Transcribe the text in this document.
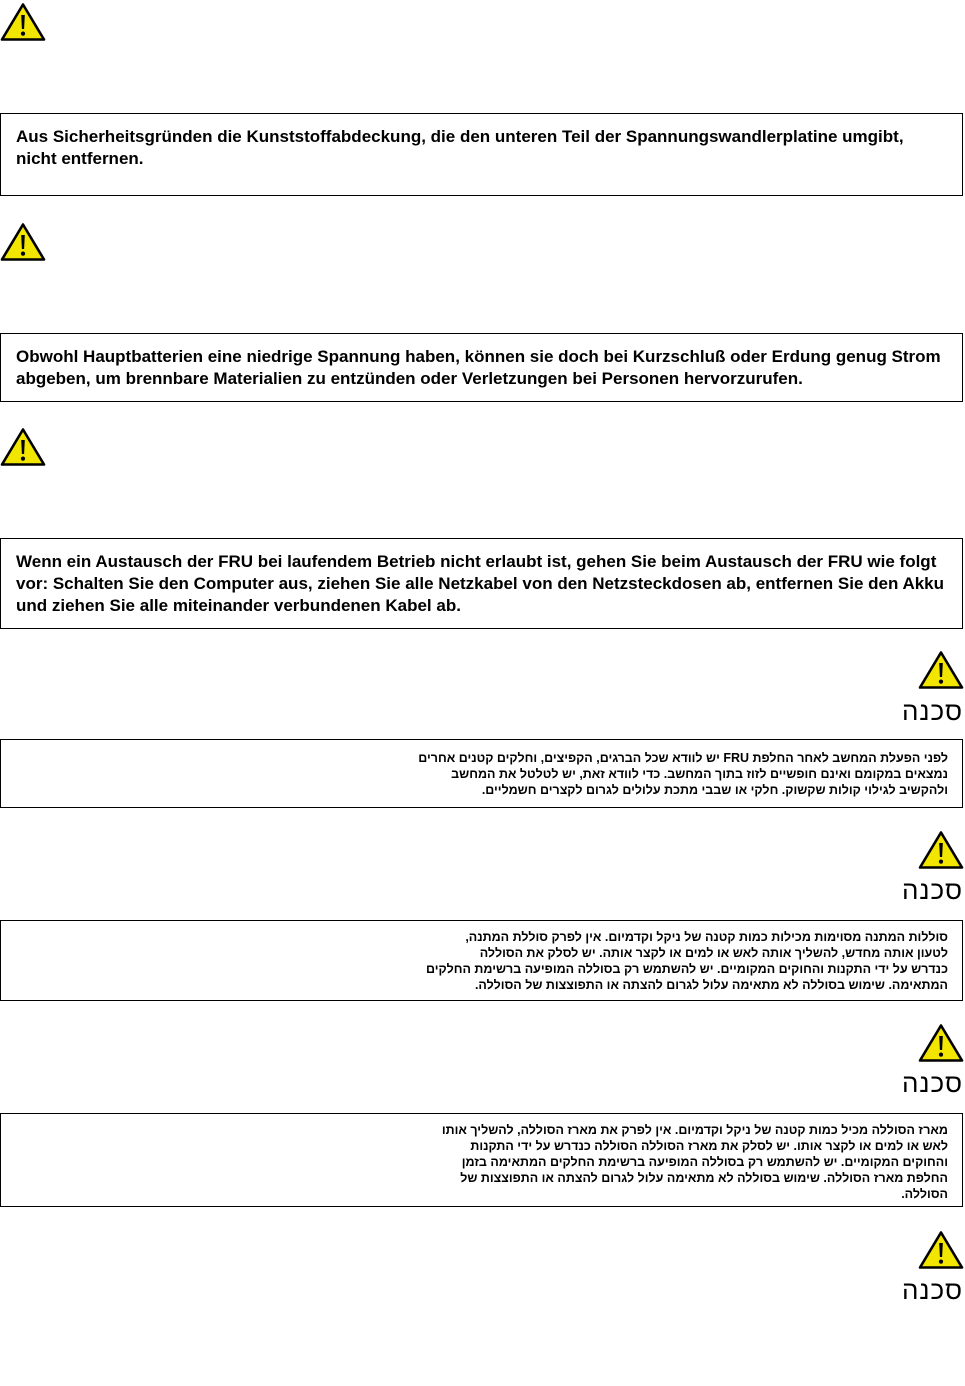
Aus Sicherheitsgründen die Kunststoffabdeckung, die den unteren Teil der Spannungswandlerplatine umgibt, nicht entfernen.

Obwohl Hauptbatterien eine niedrige Spannung haben, können sie doch bei Kurzschluß oder Erdung genug Strom abgeben, um brennbare Materialien zu entzünden oder Verletzungen bei Personen hervorzurufen.

Wenn ein Austausch der FRU bei laufendem Betrieb nicht erlaubt ist, gehen Sie beim Austausch der FRU wie folgt vor: Schalten Sie den Computer aus, ziehen Sie alle Netzkabel von den Netzsteckdosen ab, entfernen Sie den Akku und ziehen Sie alle miteinander verbundenen Kabel ab.

סכנה
לפני הפעלת המחשב לאחר החלפת FRU יש לוודא שכל הברגים, הקפיצים, וחלקים קטנים אחרים
נמצאים במקומם ואינם חופשיים לזוז בתוך המחשב. כדי לוודא זאת, יש לטלטל את המחשב
ולהקשיב לגילוי קולות שקשוק. חלקי או שבבי מתכת עלולים לגרום לקצרים חשמליים.
סכנה
סוללות המתנה מסוימות מכילות כמות קטנה של ניקל וקדמיום. אין לפרק סוללת המתנה,
לטעון אותה מחדש, להשליך אותה לאש או למים או לקצר אותה. יש לסלק את הסוללה
כנדרש על ידי התקנות והחוקים המקומיים. יש להשתמש רק בסוללה המופיעה ברשימת החלקים
המתאימה. שימוש בסוללה לא מתאימה עלול לגרום להצתה או התפוצצות של הסוללה.
סכנה
מארז הסוללה מכיל כמות קטנה של ניקל וקדמיום. אין לפרק את מארז הסוללה, להשליך אותו
לאש או למים או לקצר אותו. יש לסלק את מארז הסוללה הסוללה כנדרש על ידי התקנות
והחוקים המקומיים. יש להשתמש רק בסוללה המופיעה ברשימת החלקים המתאימה בזמן
החלפת מארז הסוללה. שימוש בסוללה לא מתאימה עלול לגרום להצתה או התפוצצות של
הסוללה.
סכנה
